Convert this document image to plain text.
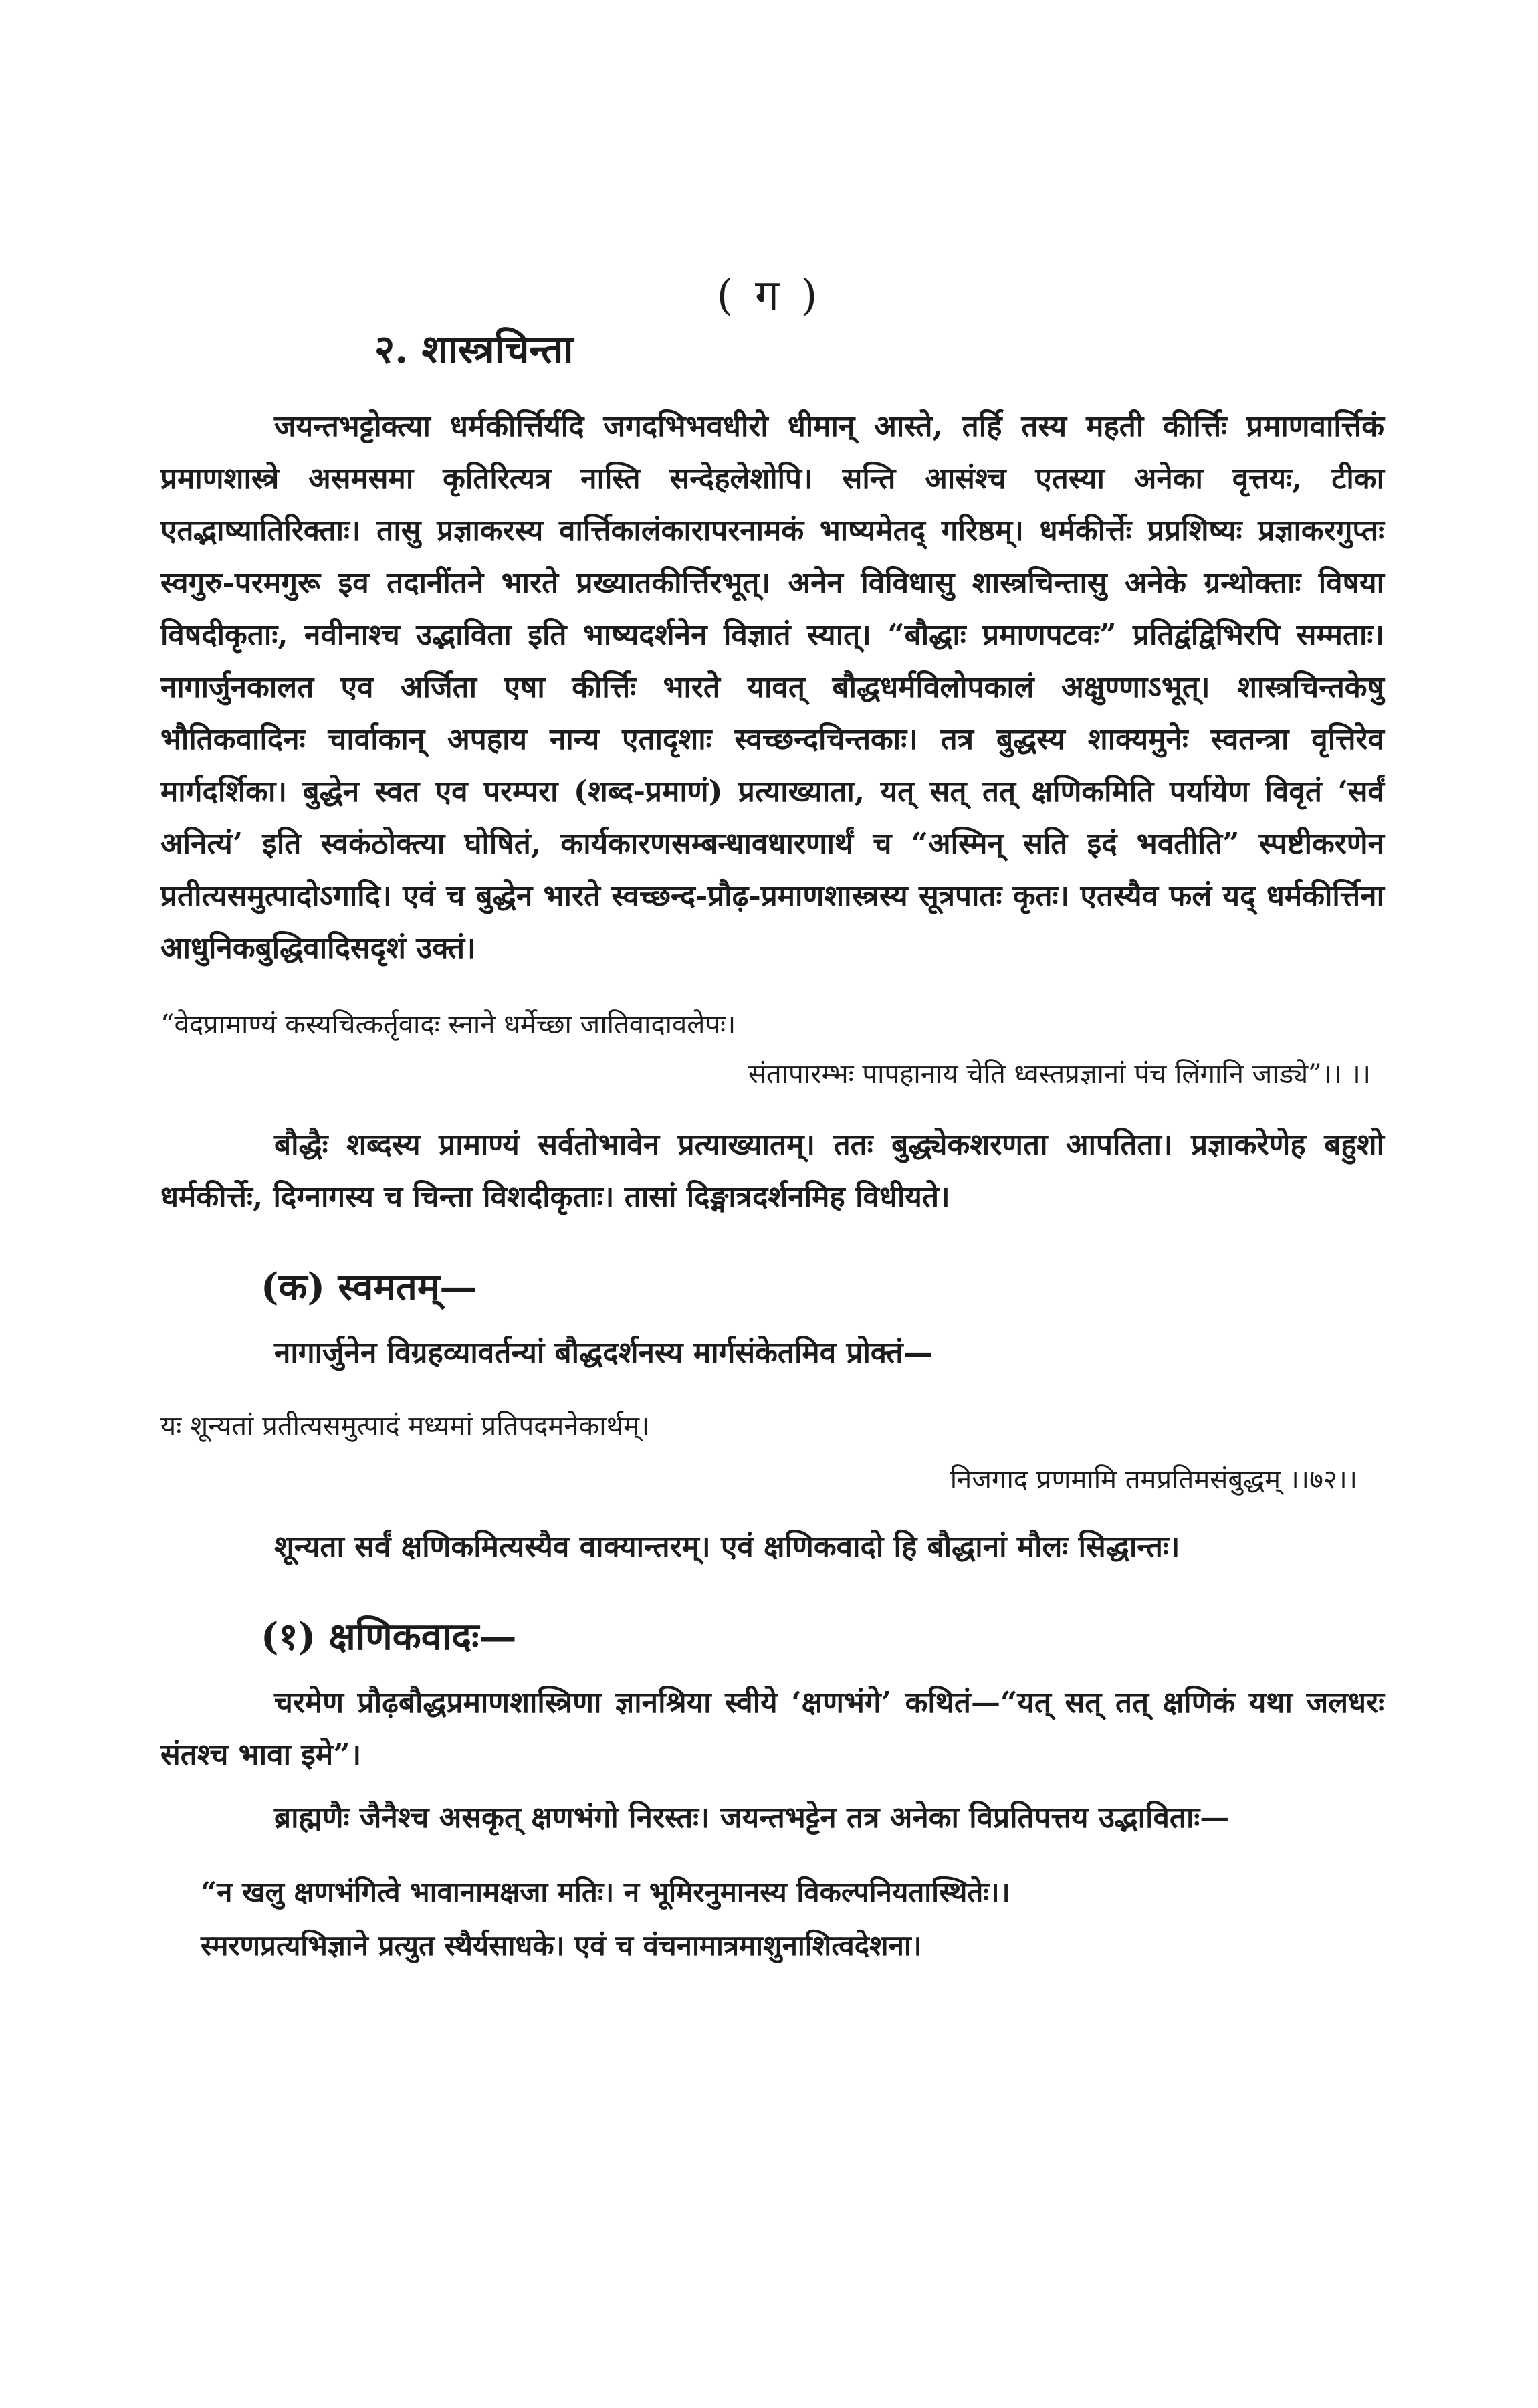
( ग )
२. शास्त्रचिन्ता

जयन्तभट्टोक्त्या धर्मकीर्त्तिर्यदि जगदभिभवधीरो धीमान् आस्ते, तर्हि तस्य महती कीर्त्तिः प्रमाणवार्त्तिकं प्रमाणशास्त्रे असमसमा कृतिरित्यत्र नास्ति सन्देहलेशोपि। सन्ति आसंश्च एतस्या अनेका वृत्तयः, टीका एतद्भाष्यातिरिक्ताः। तासु प्रज्ञाकरस्य वार्त्तिकालंकारापरनामकं भाष्यमेतद् गरिष्ठम्। धर्मकीर्त्तेः प्रप्रशिष्यः प्रज्ञाकरगुप्तः स्वगुरु-परमगुरू इव तदानींतने भारते प्रख्यातकीर्त्तिरभूत्। अनेन विविधासु शास्त्रचिन्तासु अनेके ग्रन्थोक्ताः विषया विषदीकृताः, नवीनाश्च उद्भाविता इति भाष्यदर्शनेन विज्ञातं स्यात्। “बौद्धाः प्रमाणपटवः” प्रतिद्वंद्विभिरपि सम्मताः। नागार्जुनकालत एव अर्जिता एषा कीर्त्तिः भारते यावत् बौद्धधर्मविलोपकालं अक्षुण्णाऽभूत्। शास्त्रचिन्तकेषु भौतिकवादिनः चार्वाकान् अपहाय नान्य एतादृशाः स्वच्छन्दचिन्तकाः। तत्र बुद्धस्य शाक्यमुनेः स्वतन्त्रा वृत्तिरेव मार्गदर्शिका। बुद्धेन स्वत एव परम्परा (शब्द-प्रमाणं) प्रत्याख्याता, यत् सत् तत् क्षणिकमिति पर्यायेण विवृतं ‘सर्वं अनित्यं’ इति स्वकंठोक्त्या घोषितं, कार्यकारणसम्बन्धावधारणार्थं च “अस्मिन् सति इदं भवतीति” स्पष्टीकरणेन प्रतीत्यसमुत्पादोऽगादि। एवं च बुद्धेन भारते स्वच्छन्द-प्रौढ़-प्रमाणशास्त्रस्य सूत्रपातः कृतः। एतस्यैव फलं यद् धर्मकीर्त्तिना आधुनिकबुद्धिवादिसदृशं उक्तं।

“वेदप्रामाण्यं कस्यचित्कर्तृवादः स्नाने धर्मेच्छा जातिवादावलेपः।
संतापारम्भः पापहानाय चेति ध्वस्तप्रज्ञानां पंच लिंगानि जाड्ये”।। ।।

बौद्धैः शब्दस्य प्रामाण्यं सर्वतोभावेन प्रत्याख्यातम्। ततः बुद्ध्येकशरणता आपतिता। प्रज्ञाकरेणेह बहुशो धर्मकीर्त्तेः, दिग्नागस्य च चिन्ता विशदीकृताः। तासां दिङ्मात्रदर्शनमिह विधीयते।

(क) स्वमतम्—

नागार्जुनेन विग्रहव्यावर्तन्यां बौद्धदर्शनस्य मार्गसंकेतमिव प्रोक्तं—

यः शून्यतां प्रतीत्यसमुत्पादं मध्यमां प्रतिपदमनेकार्थम्।
निजगाद प्रणमामि तमप्रतिमसंबुद्धम् ।।७२।।

शून्यता सर्वं क्षणिकमित्यस्यैव वाक्यान्तरम्। एवं क्षणिकवादो हि बौद्धानां मौलः सिद्धान्तः।

(१) क्षणिकवादः—

चरमेण प्रौढ़बौद्धप्रमाणशास्त्रिणा ज्ञानश्रिया स्वीये ‘क्षणभंगे’ कथितं—“यत् सत् तत् क्षणिकं यथा जलधरः संतश्च भावा इमे”।

ब्राह्मणैः जैनैश्च असकृत् क्षणभंगो निरस्तः। जयन्तभट्टेन तत्र अनेका विप्रतिपत्तय उद्भाविताः—

“न खलु क्षणभंगित्वे भावानामक्षजा मतिः। न भूमिरनुमानस्य विकल्पनियतास्थितेः।।
स्मरणप्रत्यभिज्ञाने प्रत्युत स्थैर्यसाधके। एवं च वंचनामात्रमाशुनाशित्वदेशना।
